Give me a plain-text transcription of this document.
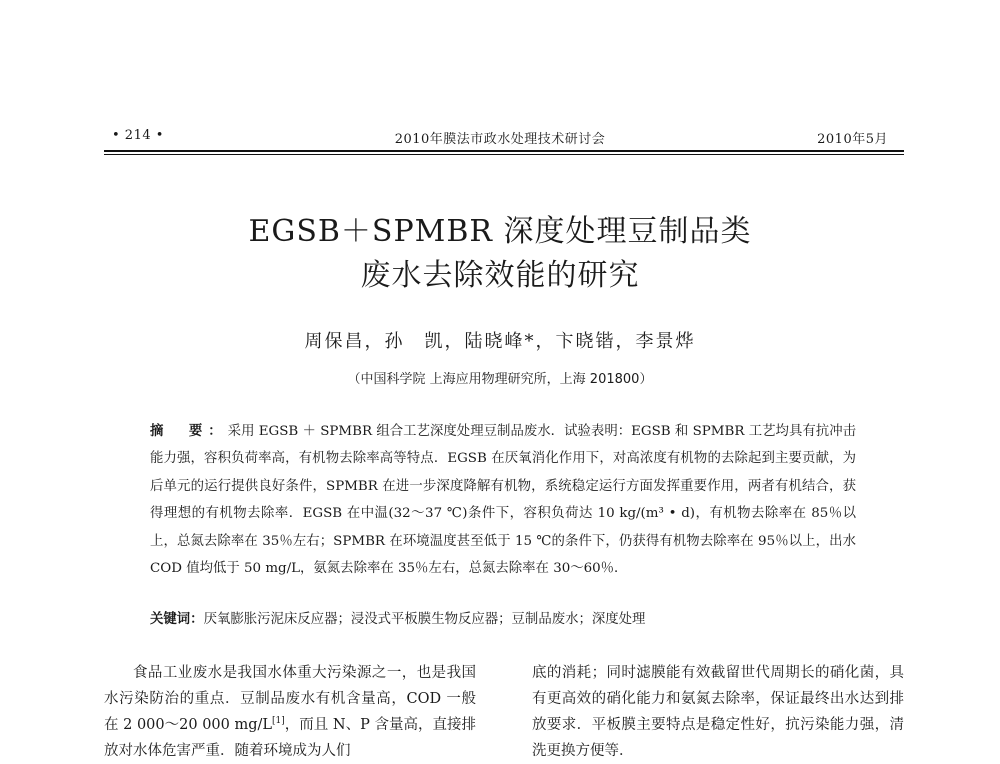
• 214 •	2010年膜法市政水处理技术研讨会	2010年5月
EGSB＋SPMBR 深度处理豆制品类
废水去除效能的研究
周保昌，孙　凯，陆晓峰*，卞晓锴，李景烨
（中国科学院 上海应用物理研究所，上海 201800）
摘　要：采用 EGSB ＋ SPMBR 组合工艺深度处理豆制品废水．试验表明：EGSB 和 SPMBR 工艺均具有抗冲击能力强，容积负荷率高，有机物去除率高等特点．EGSB 在厌氧消化作用下，对高浓度有机物的去除起到主要贡献，为后单元的运行提供良好条件，SPMBR 在进一步深度降解有机物，系统稳定运行方面发挥重要作用，两者有机结合，获得理想的有机物去除率．EGSB 在中温(32～37 ℃)条件下，容积负荷达 10 kg/(m³ • d)，有机物去除率在 85％以上，总氮去除率在 35％左右；SPMBR 在环境温度甚至低于 15 ℃的条件下，仍获得有机物去除率在 95％以上，出水 COD 值均低于 50 mg/L，氨氮去除率在 35％左右，总氮去除率在 30～60％．
关键词：厌氧膨胀污泥床反应器；浸没式平板膜生物反应器；豆制品废水；深度处理

食品工业废水是我国水体重大污染源之一，也是我国水污染防治的重点．豆制品废水有机含量高，COD 一般在 2 000～20 000 mg/L[1]，而且 N、P 含量高，直接排放对水体危害严重．随着环境成为人们

底的消耗；同时滤膜能有效截留世代周期长的硝化菌，具有更高效的硝化能力和氨氮去除率，保证最终出水达到排放要求．平板膜主要特点是稳定性好，抗污染能力强，清洗更换方便等．
